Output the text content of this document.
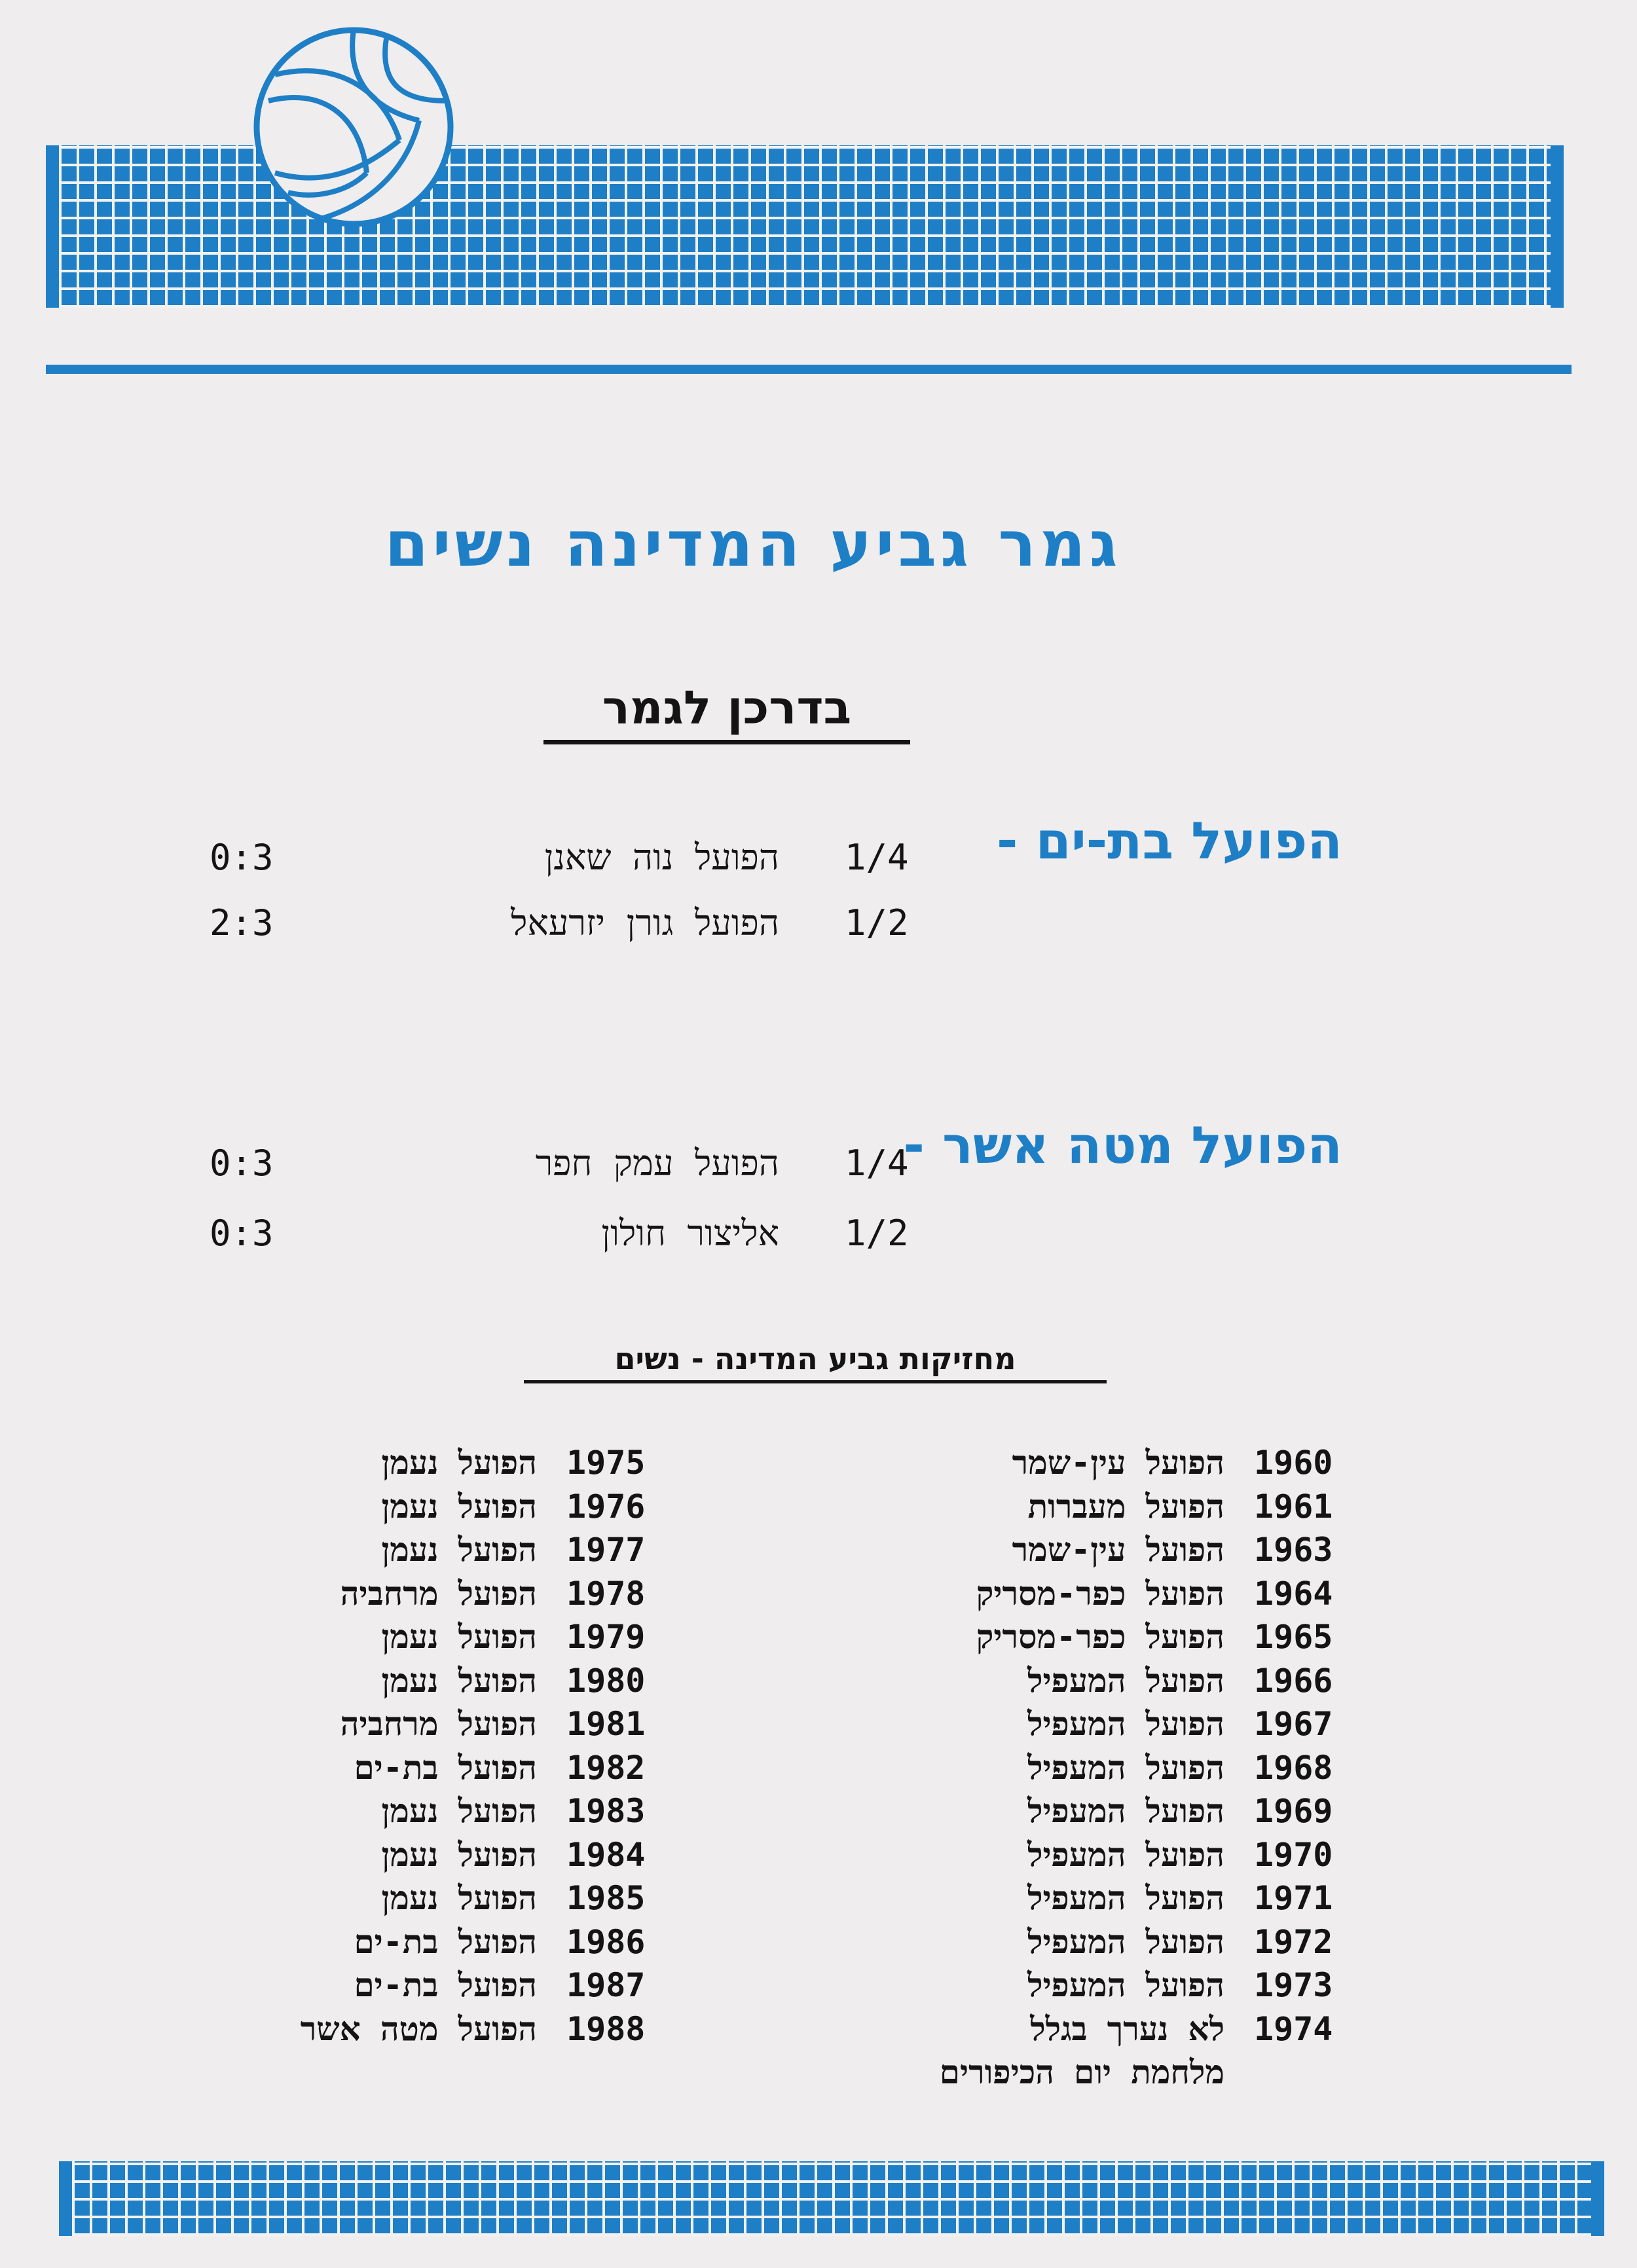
גמר גביע המדינה נשים
בדרכן לגמר
הפועל בת-ים -
1/4
הפועל נוה שאנן
0:3
1/2
הפועל גורן יזרעאל
2:3
הפועל מטה אשר -
1/4
הפועל עמק חפר
0:3
1/2
אליצור חולון
0:3
מחזיקות גביע המדינה - נשים
1960
הפועל עין-שמר
1961
הפועל מעברות
1963
הפועל עין-שמר
1964
הפועל כפר-מסריק
1965
הפועל כפר-מסריק
1966
הפועל המעפיל
1967
הפועל המעפיל
1968
הפועל המעפיל
1969
הפועל המעפיל
1970
הפועל המעפיל
1971
הפועל המעפיל
1972
הפועל המעפיל
1973
הפועל המעפיל
1974
לא נערך בגלל
מלחמת יום הכיפורים
1975
הפועל נעמן
1976
הפועל נעמן
1977
הפועל נעמן
1978
הפועל מרחביה
1979
הפועל נעמן
1980
הפועל נעמן
1981
הפועל מרחביה
1982
הפועל בת-ים
1983
הפועל נעמן
1984
הפועל נעמן
1985
הפועל נעמן
1986
הפועל בת-ים
1987
הפועל בת-ים
1988
הפועל מטה אשר
